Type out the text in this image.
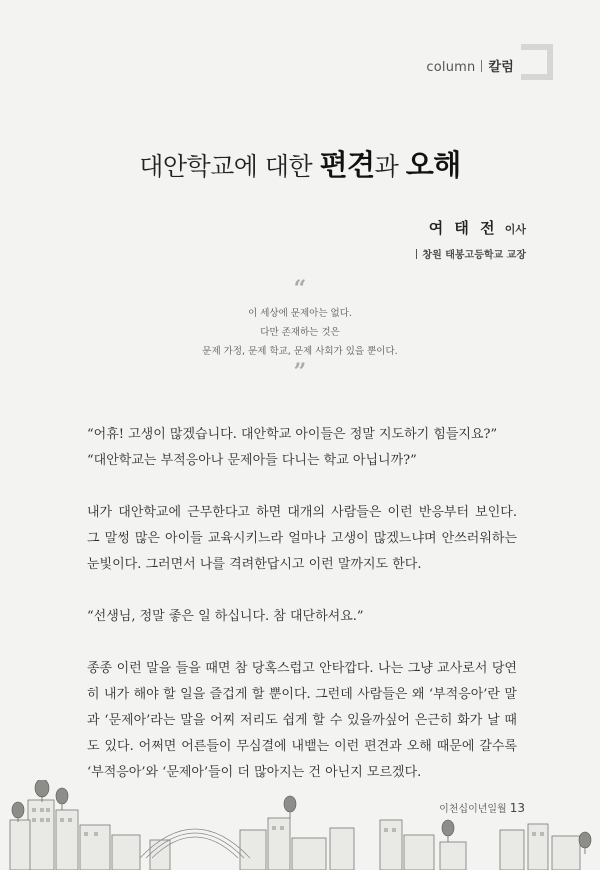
column 칼럼
대안학교에 대한 편견과 오해
여 태 전 이사
창원 태봉고등학교 교장
“
이 세상에 문제아는 없다.
다만 존재하는 것은
문제 가정, 문제 학교, 문제 사회가 있을 뿐이다.
”

“어휴! 고생이 많겠습니다. 대안학교 아이들은 정말 지도하기 힘들지요?”

“대안학교는 부적응아나 문제아들 다니는 학교 아닙니까?”

내가 대안학교에 근무한다고 하면 대개의 사람들은 이런 반응부터 보인다. 그 말썽 많은 아이들 교육시키느라 얼마나 고생이 많겠느냐며 안쓰러워하는 눈빛이다. 그러면서 나를 격려한답시고 이런 말까지도 한다.

“선생님, 정말 좋은 일 하십니다. 참 대단하셔요.”

종종 이런 말을 들을 때면 참 당혹스럽고 안타깝다. 나는 그냥 교사로서 당연히 내가 해야 할 일을 즐겁게 할 뿐이다. 그런데 사람들은 왜 ‘부적응아’란 말과 ‘문제아’라는 말을 어찌 저리도 쉽게 할 수 있을까싶어 은근히 화가 날 때도 있다. 어쩌면 어른들이 무심결에 내뱉는 이런 편견과 오해 때문에 갈수록 ‘부적응아’와 ‘문제아’들이 더 많아지는 건 아닌지 모르겠다.

이천십이년일월 13
